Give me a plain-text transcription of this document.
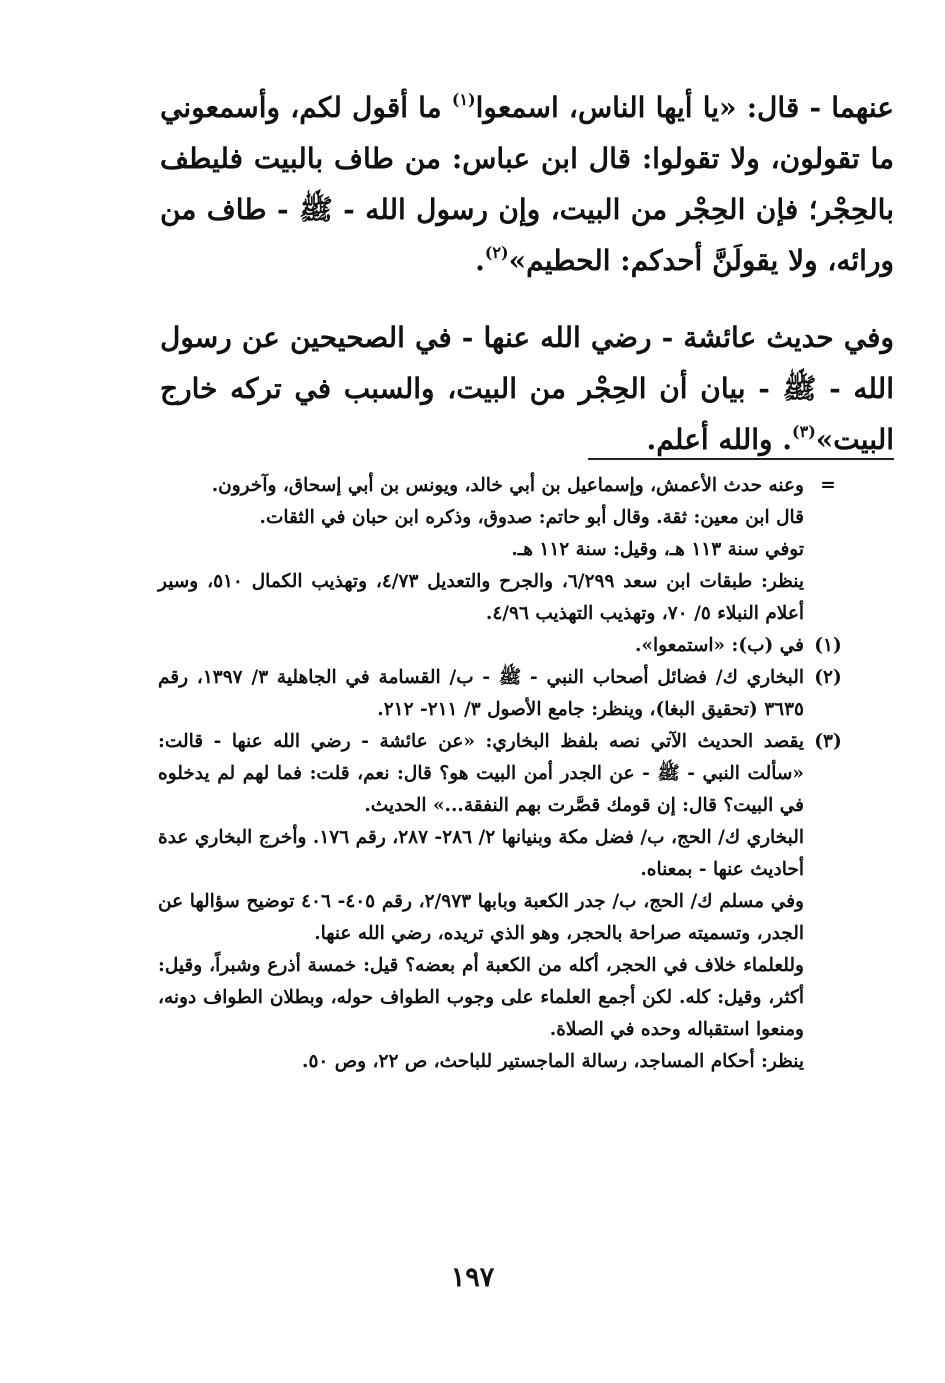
عنهما - قال: «يا أيها الناس، اسمعوا$^{(١)}$ ما أقول لكم، وأسمعوني ما تقولون، ولا تقولوا: قال ابن عباس: من طاف بالبيت فليطف بالحِجْر؛ فإن الحِجْر من البيت، وإن رسول الله - ﷺ - طاف من ورائه، ولا يقولَنَّ أحدكم: الحطيم»$^{(٢)}$.

وفي حديث عائشة - رضي الله عنها - في الصحيحين عن رسول الله - ﷺ - بيان أن الحِجْر من البيت، والسبب في تركه خارج البيت»$^{(٣)}$. والله أعلم.

=

وعنه حدث الأعمش، وإسماعيل بن أبي خالد، ويونس بن أبي إسحاق، وآخرون.

قال ابن معين: ثقة. وقال أبو حاتم: صدوق، وذكره ابن حبان في الثقات.

توفي سنة ١١٣ هـ، وقيل: سنة ١١٢ هـ.

ينظر: طبقات ابن سعد ٦/٢٩٩، والجرح والتعديل ٤/٧٣، وتهذيب الكمال ٥١٠، وسير أعلام النبلاء ٥/ ٧٠، وتهذيب التهذيب ٤/٩٦.

(١)

في (ب): «استمعوا».

(٢)

البخاري ك/ فضائل أصحاب النبي - ﷺ - ب/ القسامة في الجاهلية ٣/ ١٣٩٧، رقم ٣٦٣٥ (تحقيق البغا)، وينظر: جامع الأصول ٣/ ٢١١- ٢١٢.

(٣)

يقصد الحديث الآتي نصه بلفظ البخاري: «عن عائشة - رضي الله عنها - قالت: «سألت النبي - ﷺ - عن الجدر أمن البيت هو؟ قال: نعم، قلت: فما لهم لم يدخلوه في البيت؟ قال: إن قومك قصَّرت بهم النفقة...» الحديث.

البخاري ك/ الحج، ب/ فضل مكة وبنيانها ٢/ ٢٨٦- ٢٨٧، رقم ١٧٦. وأخرج البخاري عدة أحاديث عنها - بمعناه.

وفي مسلم ك/ الحج، ب/ جدر الكعبة وبابها ٢/٩٧٣، رقم ٤٠٥- ٤٠٦ توضيح سؤالها عن الجدر، وتسميته صراحة بالحجر، وهو الذي تريده، رضي الله عنها.

وللعلماء خلاف في الحجر، أكله من الكعبة أم بعضه؟ قيل: خمسة أذرع وشبراً، وقيل: أكثر، وقيل: كله. لكن أجمع العلماء على وجوب الطواف حوله، وبطلان الطواف دونه، ومنعوا استقباله وحده في الصلاة.

ينظر: أحكام المساجد، رسالة الماجستير للباحث، ص ٢٢، وص ٥٠.

١٩٧
